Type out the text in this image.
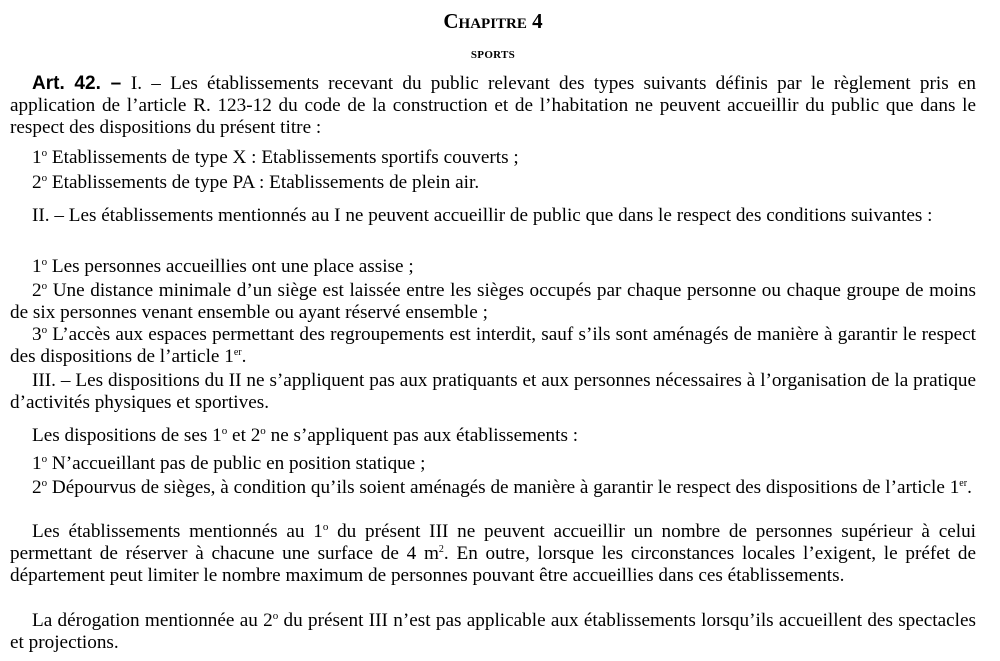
Chapitre 4
sports

Art. 42. – I. – Les établissements recevant du public relevant des types suivants définis par le règlement pris en application de l’article R. 123-12 du code de la construction et de l’habitation ne peuvent accueillir du public que dans le respect des dispositions du présent titre :

1$^o$ Etablissements de type X : Etablissements sportifs couverts ;

2$^o$ Etablissements de type PA : Etablissements de plein air.

II. – Les établissements mentionnés au I ne peuvent accueillir de public que dans le respect des conditions suivantes :

1$^o$ Les personnes accueillies ont une place assise ;

2$^o$ Une distance minimale d’un siège est laissée entre les sièges occupés par chaque personne ou chaque groupe de moins de six personnes venant ensemble ou ayant réservé ensemble ;

3$^o$ L’accès aux espaces permettant des regroupements est interdit, sauf s’ils sont aménagés de manière à garantir le respect des dispositions de l’article 1er.

III. – Les dispositions du II ne s’appliquent pas aux pratiquants et aux personnes nécessaires à l’organisation de la pratique d’activités physiques et sportives.

Les dispositions de ses 1$^o$ et 2$^o$ ne s’appliquent pas aux établissements :

1$^o$ N’accueillant pas de public en position statique ;

2$^o$ Dépourvus de sièges, à condition qu’ils soient aménagés de manière à garantir le respect des dispositions de l’article 1er.

Les établissements mentionnés au 1$^o$ du présent III ne peuvent accueillir un nombre de personnes supérieur à celui permettant de réserver à chacune une surface de 4 $m^2$. En outre, lorsque les circonstances locales l’exigent, le préfet de département peut limiter le nombre maximum de personnes pouvant être accueillies dans ces établissements.

La dérogation mentionnée au 2$^o$ du présent III n’est pas applicable aux établissements lorsqu’ils accueillent des spectacles et projections.
